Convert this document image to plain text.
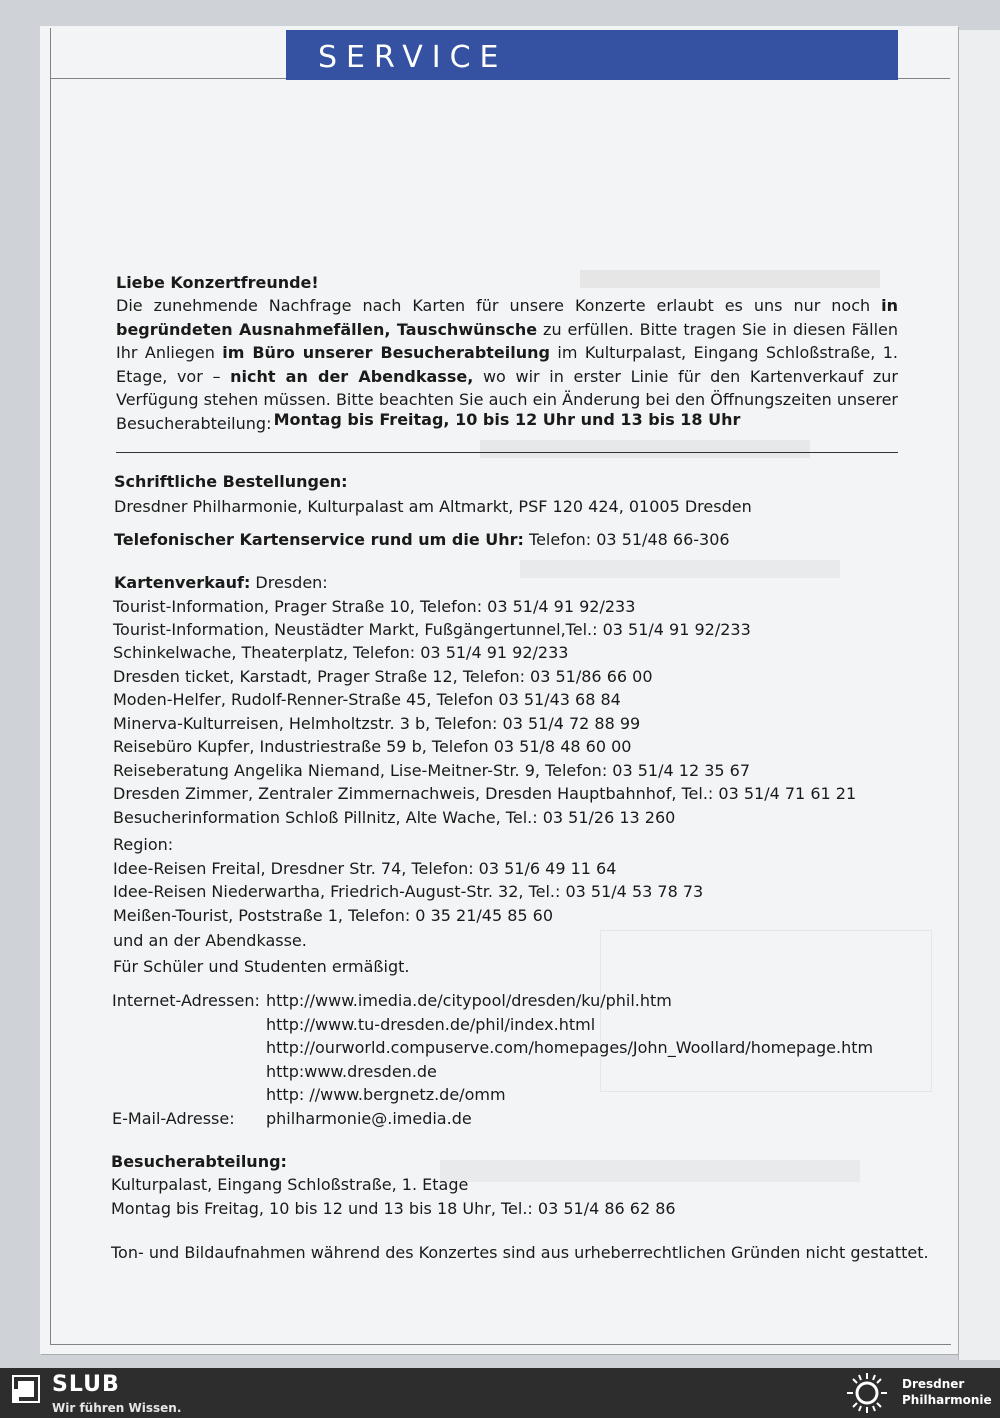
SERVICE
Liebe Konzertfreunde!
Die zunehmende Nachfrage nach Karten für unsere Konzerte erlaubt es uns nur noch in begründeten Ausnahmefällen, Tauschwünsche zu erfüllen. Bitte tragen Sie in diesen Fällen Ihr Anliegen im Büro unserer Besucherabteilung im Kulturpalast, Eingang Schloßstraße, 1. Etage, vor – nicht an der Abendkasse, wo wir in erster Linie für den Kartenverkauf zur Verfügung stehen müssen. Bitte beachten Sie auch ein Änderung bei den Öffnungszeiten unserer Besucherabteilung: Montag bis Freitag, 10 bis 12 Uhr und 13 bis 18 Uhr
Schriftliche Bestellungen:
Dresdner Philharmonie, Kulturpalast am Altmarkt, PSF 120 424, 01005 Dresden
Telefonischer Kartenservice rund um die Uhr: Telefon: 03 51/48 66-306
Kartenverkauf: Dresden:
Tourist-Information, Prager Straße 10, Telefon: 03 51/4 91 92/233
Tourist-Information, Neustädter Markt, Fußgängertunnel,Tel.: 03 51/4 91 92/233
Schinkelwache, Theaterplatz, Telefon: 03 51/4 91 92/233
Dresden ticket, Karstadt, Prager Straße 12, Telefon: 03 51/86 66 00
Moden-Helfer, Rudolf-Renner-Straße 45, Telefon 03 51/43 68 84
Minerva-Kulturreisen, Helmholtzstr. 3 b, Telefon: 03 51/4 72 88 99
Reisebüro Kupfer, Industriestraße 59 b, Telefon 03 51/8 48 60 00
Reiseberatung Angelika Niemand, Lise-Meitner-Str. 9, Telefon: 03 51/4 12 35 67
Dresden Zimmer, Zentraler Zimmernachweis, Dresden Hauptbahnhof, Tel.: 03 51/4 71 61 21
Besucherinformation Schloß Pillnitz, Alte Wache, Tel.: 03 51/26 13 260
Region:
Idee-Reisen Freital, Dresdner Str. 74, Telefon: 03 51/6 49 11 64
Idee-Reisen Niederwartha, Friedrich-August-Str. 32, Tel.: 03 51/4 53 78 73
Meißen-Tourist, Poststraße 1, Telefon: 0 35 21/45 85 60
und an der Abendkasse.
Für Schüler und Studenten ermäßigt.
Internet-Adressen: http://www.imedia.de/citypool/dresden/ku/phil.htm
http://www.tu-dresden.de/phil/index.html
http://ourworld.compuserve.com/homepages/John_Woollard/homepage.htm
http:www.dresden.de
http: //www.bergnetz.de/omm
E-Mail-Adresse: philharmonie@.imedia.de
Besucherabteilung:
Kulturpalast, Eingang Schloßstraße, 1. Etage
Montag bis Freitag, 10 bis 12 und 13 bis 18 Uhr, Tel.: 03 51/4 86 62 86
Ton- und Bildaufnahmen während des Konzertes sind aus urheberrechtlichen Gründen nicht gestattet.
SLUB
Wir führen Wissen.
Dresdner
Philharmonie
